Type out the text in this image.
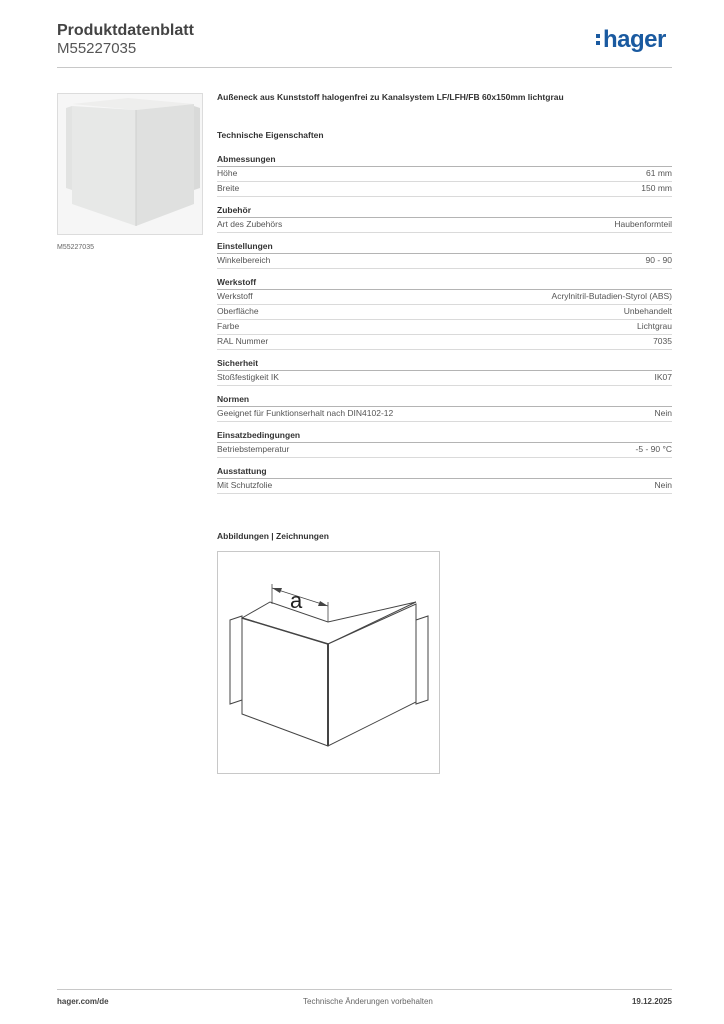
Produktdatenblatt
M55227035	hager
M55227035
Außeneck aus Kunststoff halogenfrei zu Kanalsystem LF/LFH/FB 60x150mm lichtgrau
Technische Eigenschaften
Abmessungen
Höhe	61 mm
Breite	150 mm
Zubehör
Art des Zubehörs	Haubenformteil
Einstellungen
Winkelbereich	90 - 90
Werkstoff
Werkstoff	Acrylnitril-Butadien-Styrol (ABS)
Oberfläche	Unbehandelt
Farbe	Lichtgrau
RAL Nummer	7035
Sicherheit
Stoßfestigkeit IK	IK07
Normen
Geeignet für Funktionserhalt nach DIN4102-12	Nein
Einsatzbedingungen
Betriebstemperatur	-5 - 90 °C
Ausstattung
Mit Schutzfolie	Nein
Abbildungen | Zeichnungen
a
hager.com/de	Technische Änderungen vorbehalten	19.12.2025
